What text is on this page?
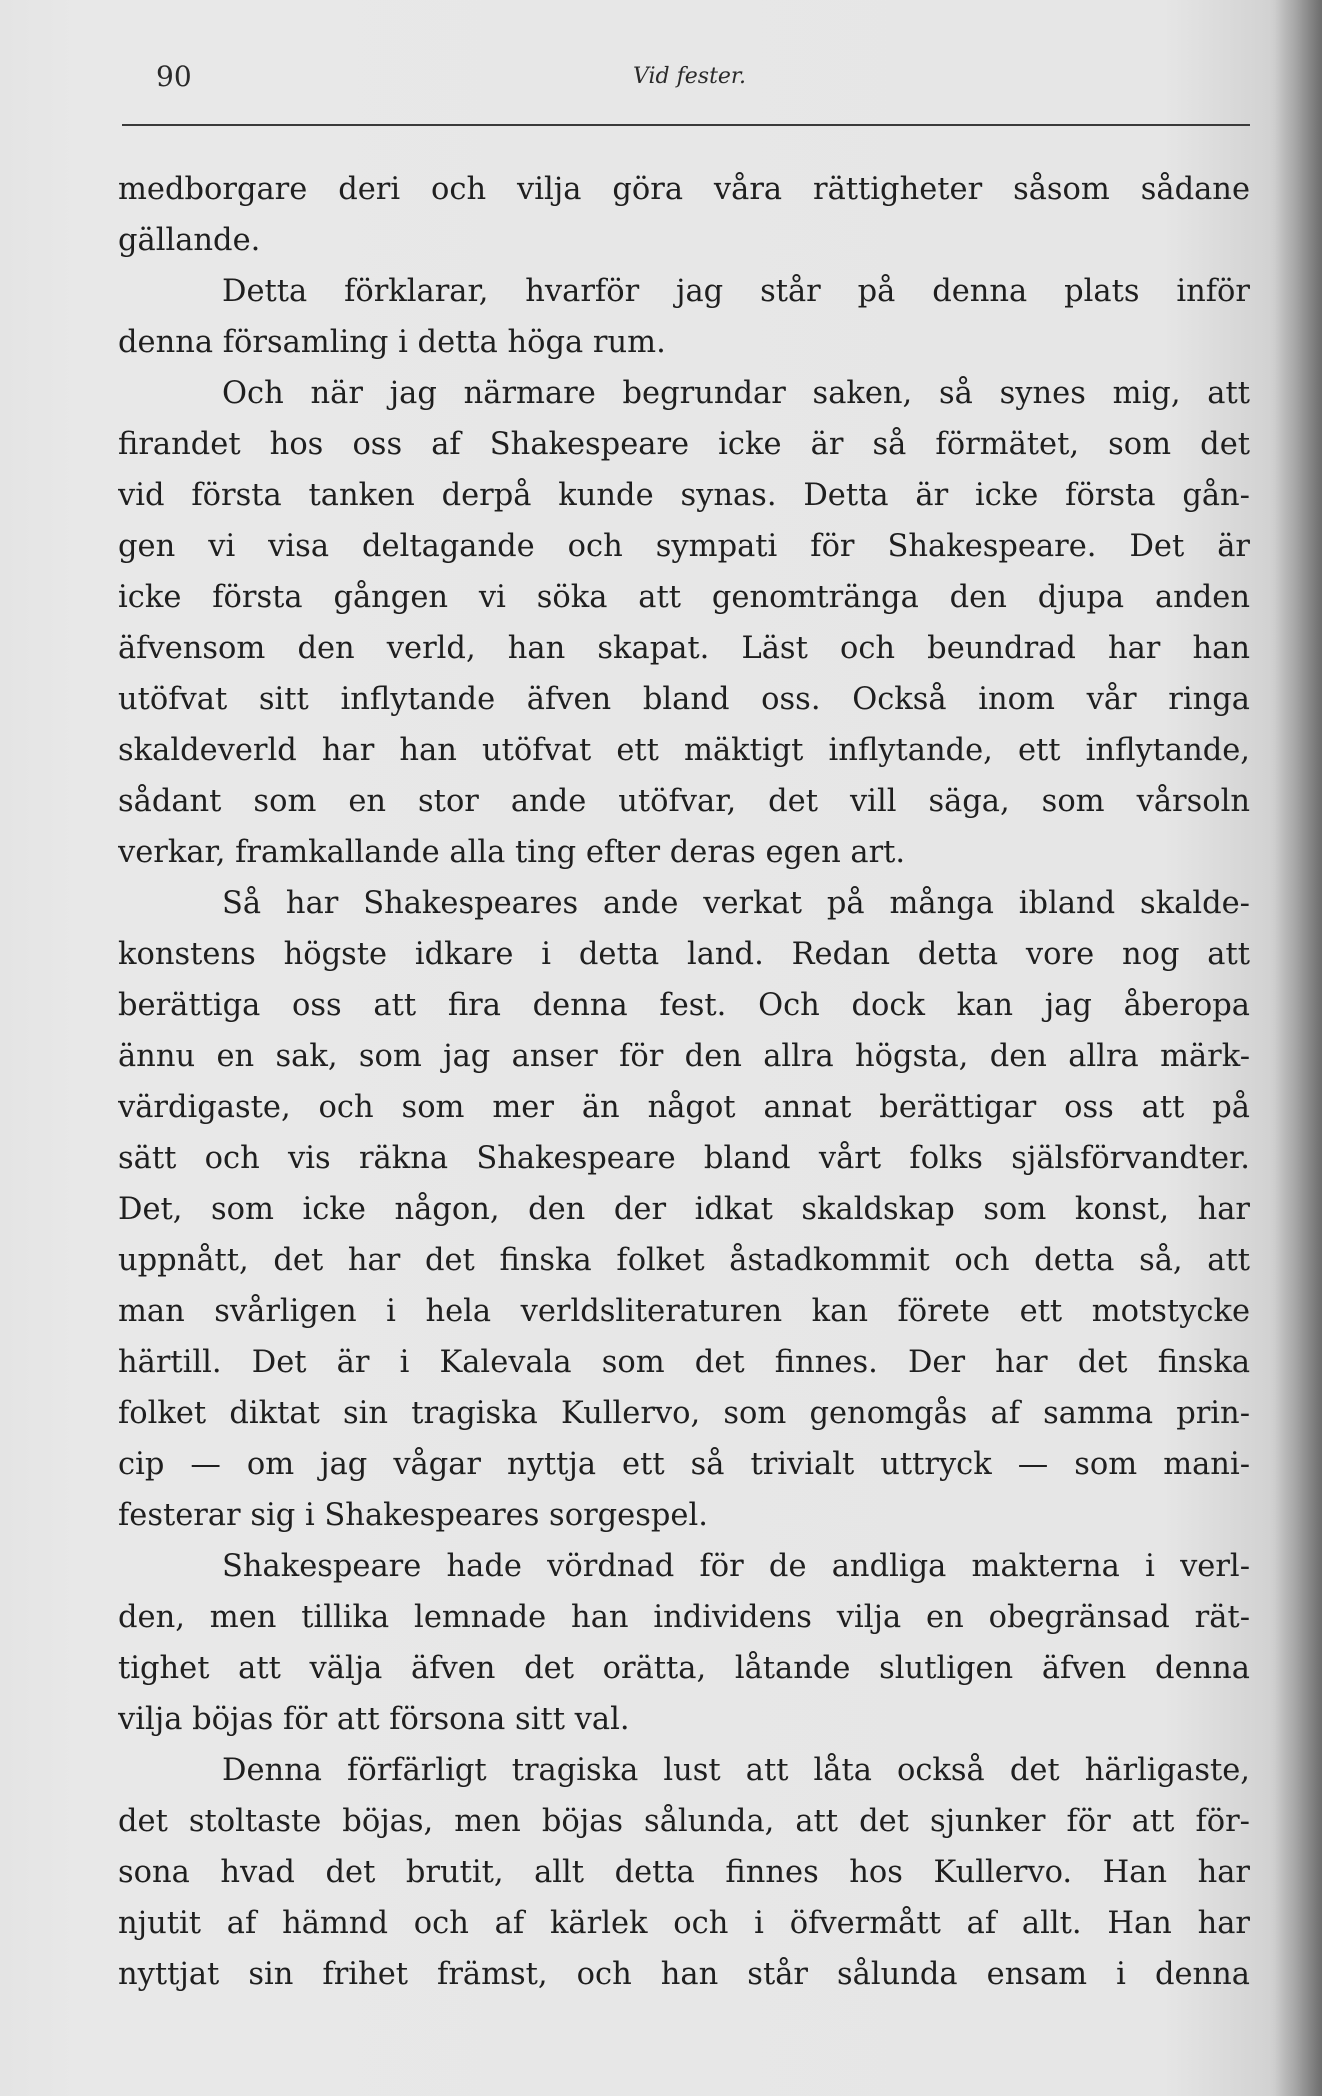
90	Vid fester.
medborgare deri och vilja göra våra rättigheter såsom sådane
gällande.
Detta förklarar, hvarför jag står på denna plats inför
denna församling i detta höga rum.
Och när jag närmare begrundar saken, så synes mig, att
firandet hos oss af Shakespeare icke är så förmätet, som det
vid första tanken derpå kunde synas. Detta är icke första gån-
gen vi visa deltagande och sympati för Shakespeare. Det är
icke första gången vi söka att genomtränga den djupa anden
äfvensom den verld, han skapat. Läst och beundrad har han
utöfvat sitt inflytande äfven bland oss. Också inom vår ringa
skaldeverld har han utöfvat ett mäktigt inflytande, ett inflytande,
sådant som en stor ande utöfvar, det vill säga, som vårsoln
verkar, framkallande alla ting efter deras egen art.
Så har Shakespeares ande verkat på många ibland skalde-
konstens högste idkare i detta land. Redan detta vore nog att
berättiga oss att fira denna fest. Och dock kan jag åberopa
ännu en sak, som jag anser för den allra högsta, den allra märk-
värdigaste, och som mer än något annat berättigar oss att på
sätt och vis räkna Shakespeare bland vårt folks själsförvandter.
Det, som icke någon, den der idkat skaldskap som konst, har
uppnått, det har det finska folket åstadkommit och detta så, att
man svårligen i hela verldsliteraturen kan förete ett motstycke
härtill. Det är i Kalevala som det finnes. Der har det finska
folket diktat sin tragiska Kullervo, som genomgås af samma prin-
cip — om jag vågar nyttja ett så trivialt uttryck — som mani-
festerar sig i Shakespeares sorgespel.
Shakespeare hade vördnad för de andliga makterna i verl-
den, men tillika lemnade han individens vilja en obegränsad rät-
tighet att välja äfven det orätta, låtande slutligen äfven denna
vilja böjas för att försona sitt val.
Denna förfärligt tragiska lust att låta också det härligaste,
det stoltaste böjas, men böjas sålunda, att det sjunker för att för-
sona hvad det brutit, allt detta finnes hos Kullervo. Han har
njutit af hämnd och af kärlek och i öfvermått af allt. Han har
nyttjat sin frihet främst, och han står sålunda ensam i denna
